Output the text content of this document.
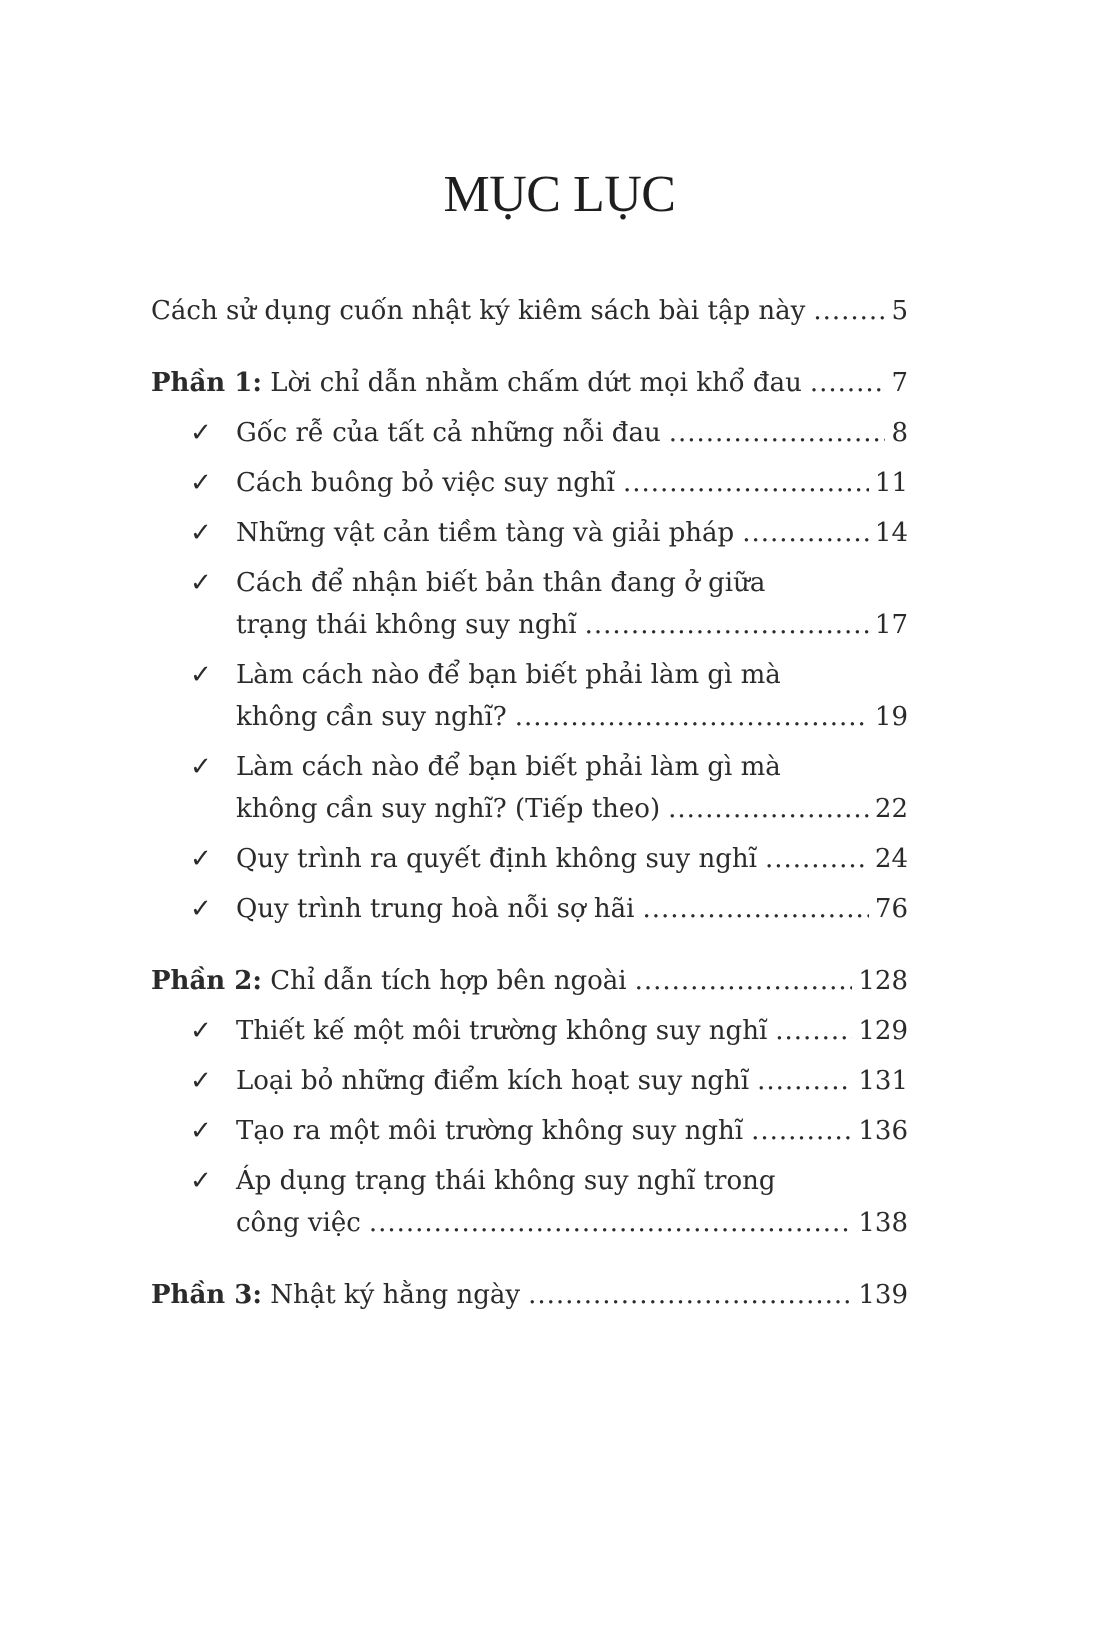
MỤC LỤC
Cách sử dụng cuốn nhật ký kiêm sách bài tập này .....	5
Phần 1: Lời chỉ dẫn nhằm chấm dứt mọi khổ đau .....	7
✓ Gốc rễ của tất cả những nỗi đau .....	8
✓ Cách buông bỏ việc suy nghĩ .....	11
✓ Những vật cản tiềm tàng và giải pháp .....	14
✓ Cách để nhận biết bản thân đang ở giữa
trạng thái không suy nghĩ .....	17
✓ Làm cách nào để bạn biết phải làm gì mà
không cần suy nghĩ? .....	19
✓ Làm cách nào để bạn biết phải làm gì mà
không cần suy nghĩ? (Tiếp theo) .....	22
✓ Quy trình ra quyết định không suy nghĩ .....	24
✓ Quy trình trung hoà nỗi sợ hãi .....	76
Phần 2: Chỉ dẫn tích hợp bên ngoài .....	128
✓ Thiết kế một môi trường không suy nghĩ .....	129
✓ Loại bỏ những điểm kích hoạt suy nghĩ .....	131
✓ Tạo ra một môi trường không suy nghĩ .....	136
✓ Áp dụng trạng thái không suy nghĩ trong
công việc .....	138
Phần 3: Nhật ký hằng ngày .....	139
